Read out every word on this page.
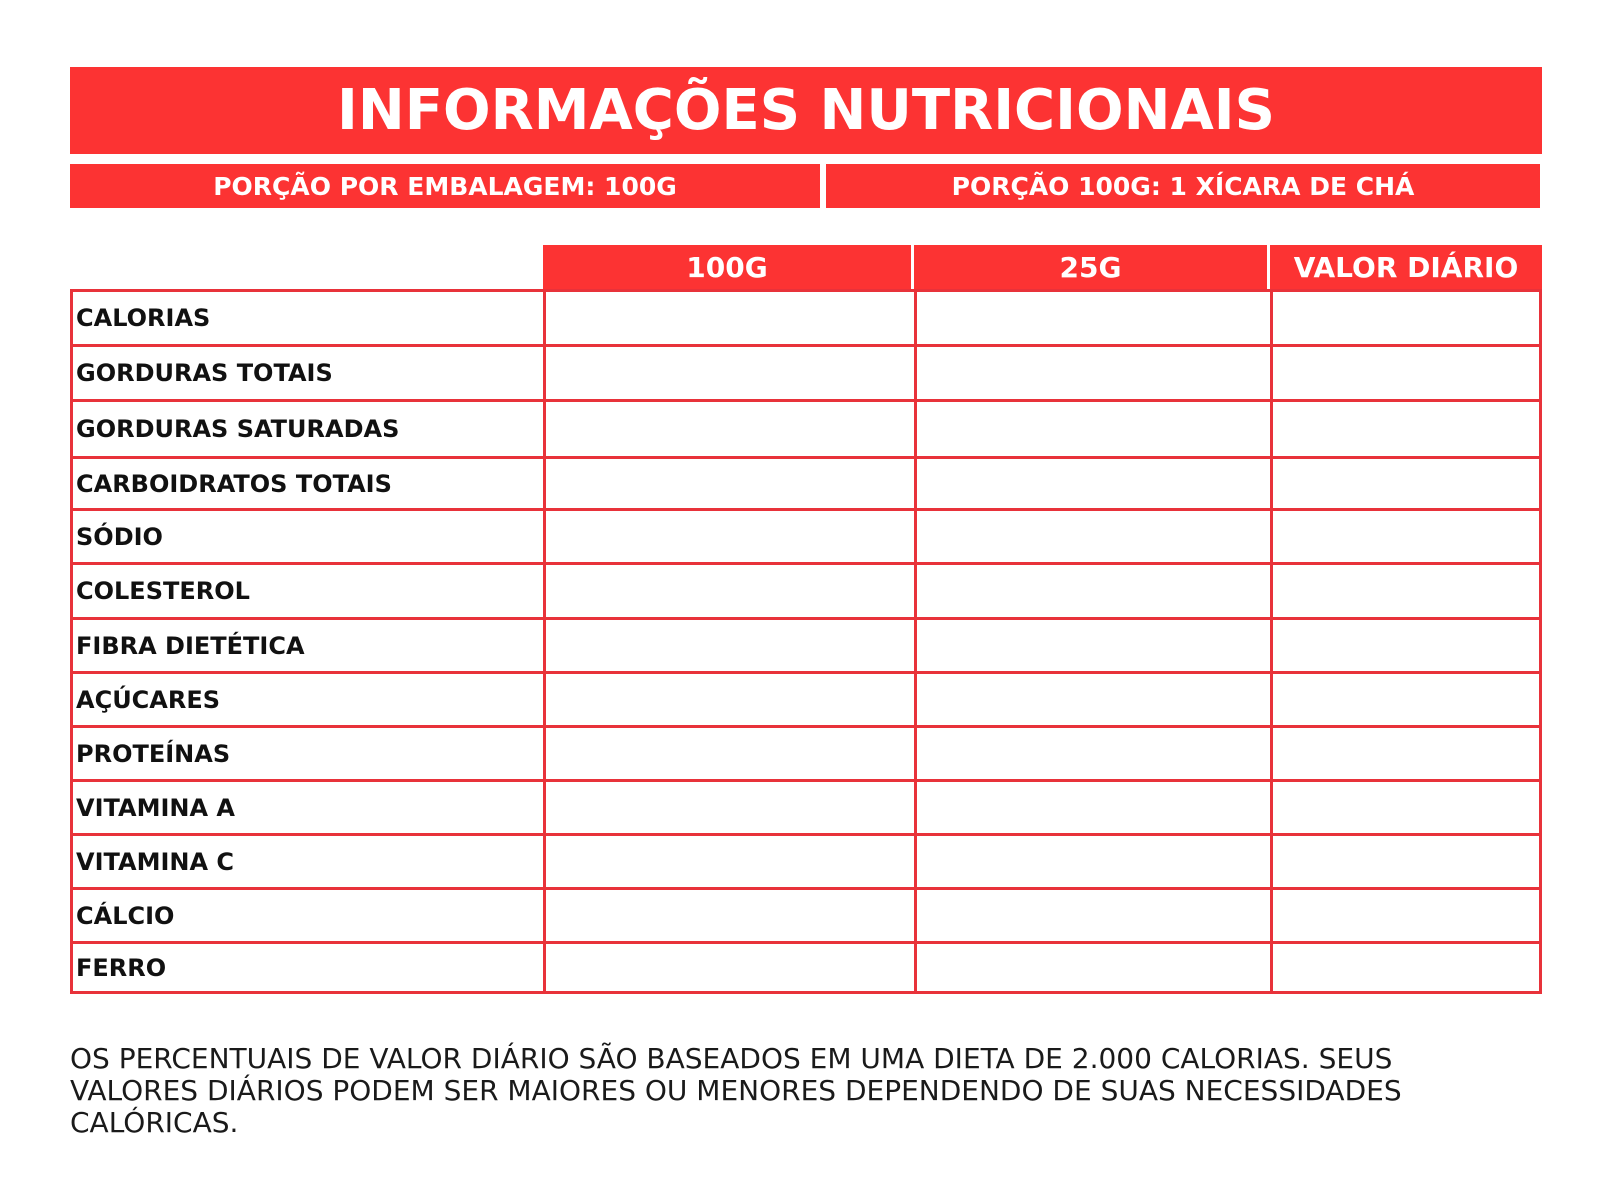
INFORMAÇÕES NUTRICIONAIS
PORÇÃO POR EMBALAGEM: 100G	PORÇÃO 100G: 1 XÍCARA DE CHÁ
100G	25G	VALOR DIÁRIO
CALORIAS
GORDURAS TOTAIS
GORDURAS SATURADAS
CARBOIDRATOS TOTAIS
SÓDIO
COLESTEROL
FIBRA DIETÉTICA
AÇÚCARES
PROTEÍNAS
VITAMINA A
VITAMINA C
CÁLCIO
FERRO
OS PERCENTUAIS DE VALOR DIÁRIO SÃO BASEADOS EM UMA DIETA DE 2.000 CALORIAS. SEUS VALORES DIÁRIOS PODEM SER MAIORES OU MENORES DEPENDENDO DE SUAS NECESSIDADES CALÓRICAS.
